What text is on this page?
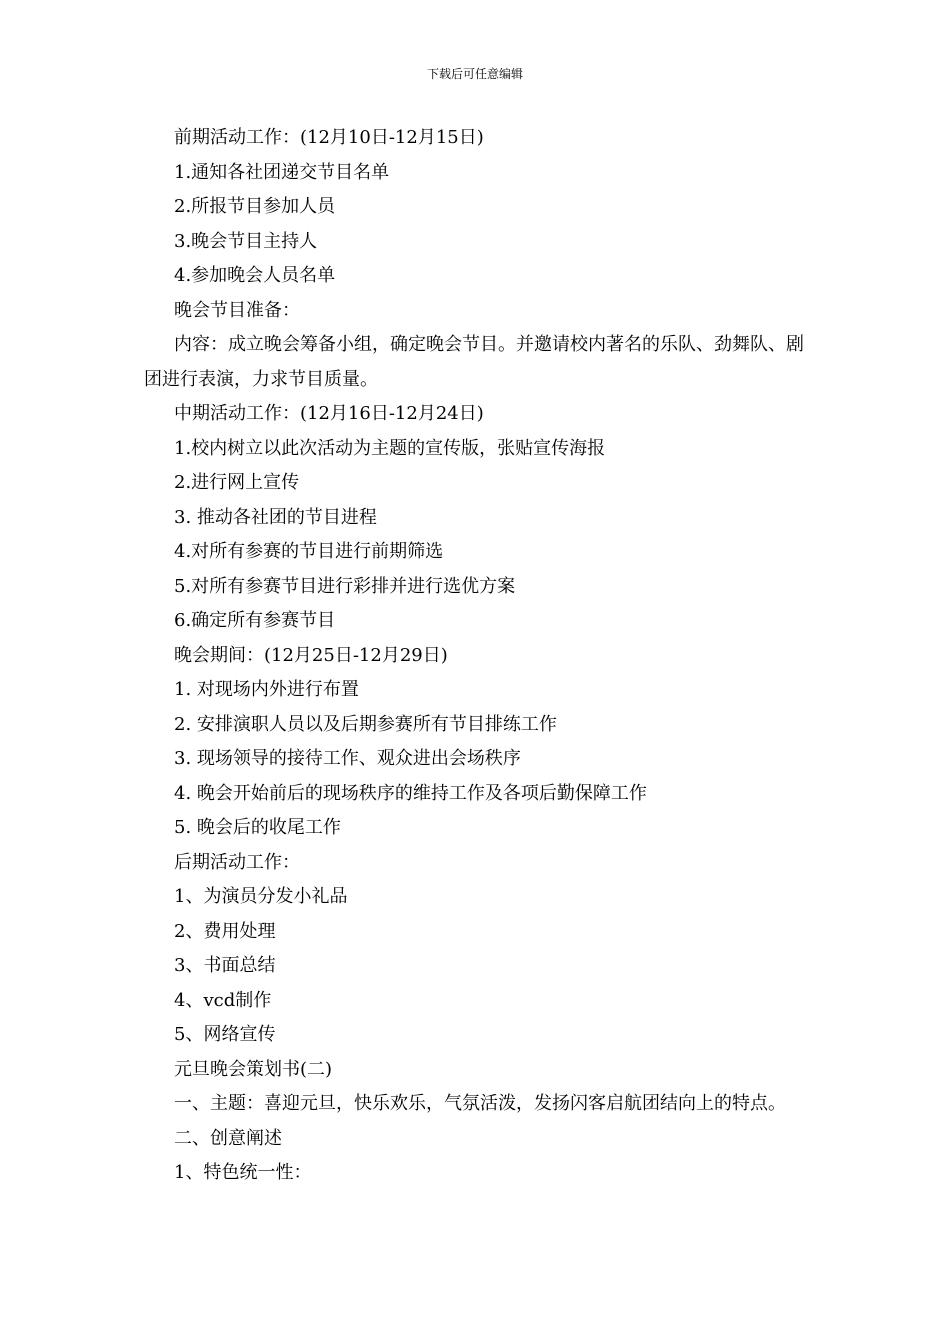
下载后可任意编辑
前期活动工作：(12月10日-12月15日)
1.通知各社团递交节目名单
2.所报节目参加人员
3.晚会节目主持人
4.参加晚会人员名单
晚会节目准备：
内容：成立晚会筹备小组，确定晚会节目。并邀请校内著名的乐队、劲舞队、剧团进行表演，力求节目质量。
中期活动工作：(12月16日-12月24日)
1.校内树立以此次活动为主题的宣传版，张贴宣传海报
2.进行网上宣传
3. 推动各社团的节目进程
4.对所有参赛的节目进行前期筛选
5.对所有参赛节目进行彩排并进行选优方案
6.确定所有参赛节目
晚会期间：(12月25日-12月29日)
1. 对现场内外进行布置
2. 安排演职人员以及后期参赛所有节目排练工作
3. 现场领导的接待工作、观众进出会场秩序
4. 晚会开始前后的现场秩序的维持工作及各项后勤保障工作
5. 晚会后的收尾工作
后期活动工作：
1、为演员分发小礼品
2、费用处理
3、书面总结
4、vcd制作
5、网络宣传
元旦晚会策划书(二)
一、主题：喜迎元旦，快乐欢乐，气氛活泼，发扬闪客启航团结向上的特点。
二、创意阐述
1、特色统一性：
